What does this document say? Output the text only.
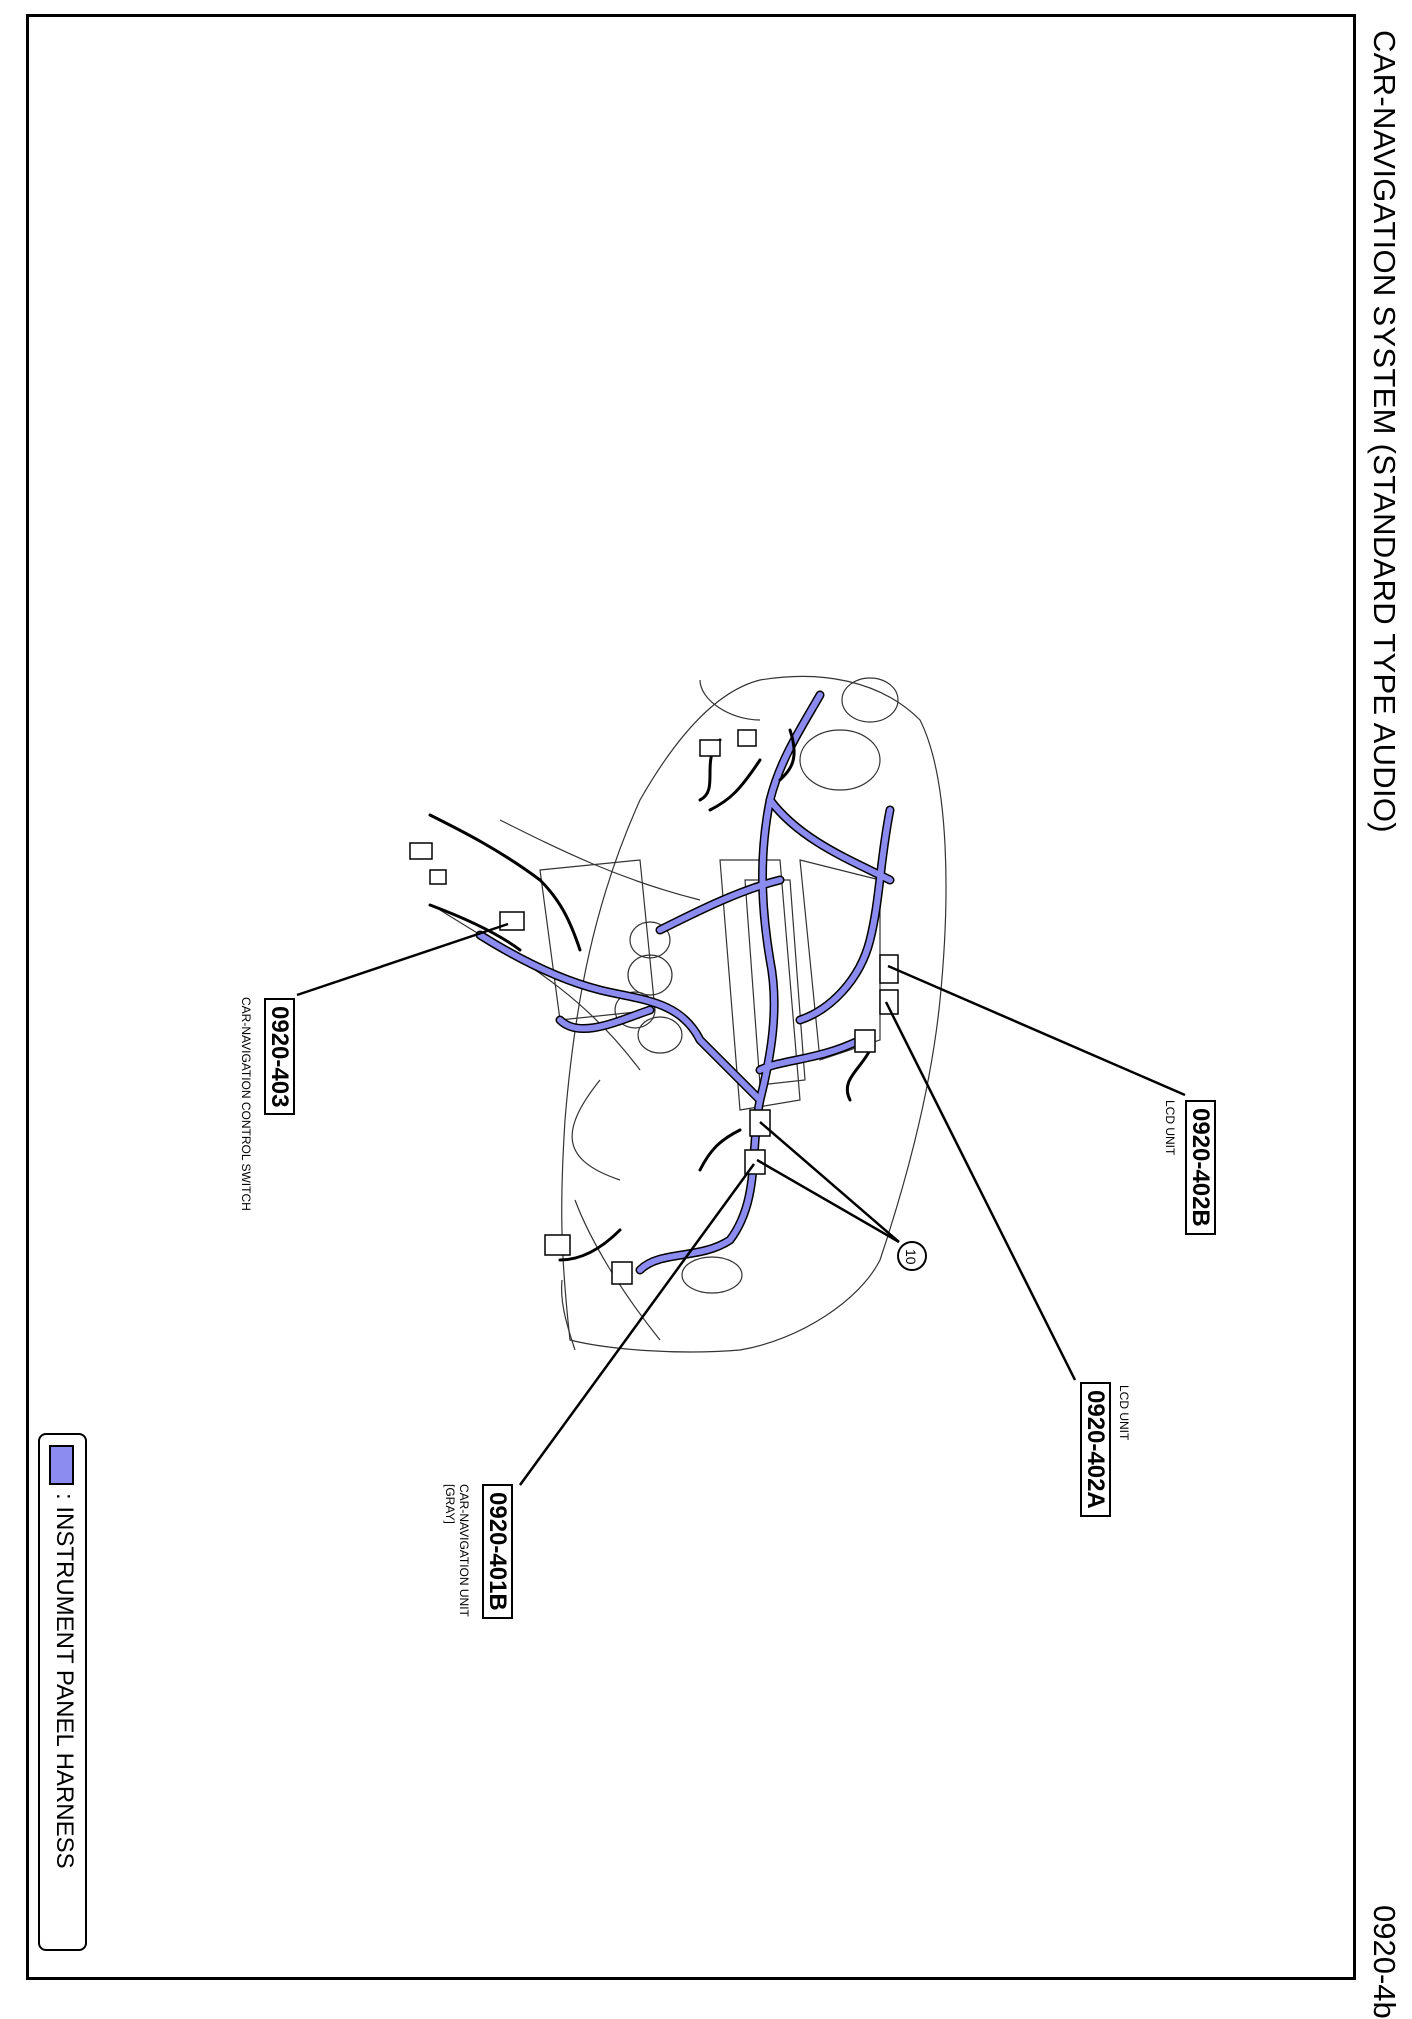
CAR-NAVIGATION SYSTEM (STANDARD TYPE AUDIO)
0920-4b
10
0920-403
CAR-NAVIGATION CONTROL SWITCH	0920-402B
LCD UNIT
0920-402A LCD UNIT
0920-401B
CAR-NAVIGATION UNIT
[GRAY]
: INSTRUMENT PANEL HARNESS
